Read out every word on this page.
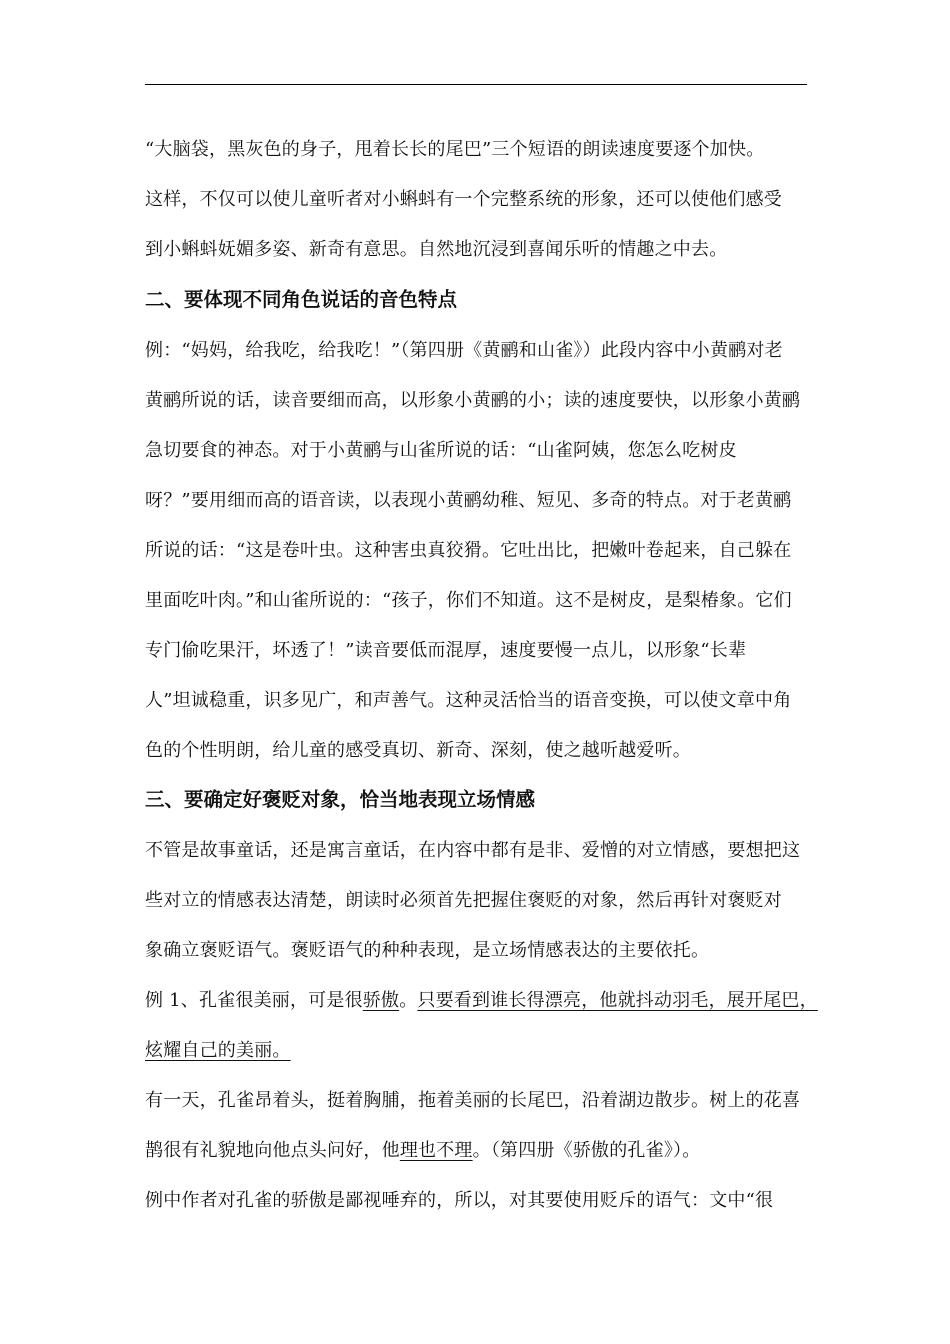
“大脑袋，黑灰色的身子，甩着长长的尾巴”三个短语的朗读速度要逐个加快。
这样，不仅可以使儿童听者对小蝌蚪有一个完整系统的形象，还可以使他们感受
到小蝌蚪妩媚多姿、新奇有意思。自然地沉浸到喜闻乐听的情趣之中去。
二、要体现不同角色说话的音色特点
例：“妈妈，给我吃，给我吃！”（第四册《黄鹂和山雀》）此段内容中小黄鹂对老
黄鹂所说的话，读音要细而高，以形象小黄鹂的小；读的速度要快，以形象小黄鹂
急切要食的神态。对于小黄鹂与山雀所说的话：“山雀阿姨，您怎么吃树皮
呀？”要用细而高的语音读，以表现小黄鹂幼稚、短见、多奇的特点。对于老黄鹂
所说的话：“这是卷叶虫。这种害虫真狡猾。它吐出比，把嫩叶卷起来，自己躲在
里面吃叶肉。”和山雀所说的：“孩子，你们不知道。这不是树皮，是梨椿象。它们
专门偷吃果汗，坏透了！”读音要低而混厚，速度要慢一点儿，以形象“长辈
人”坦诚稳重，识多见广，和声善气。这种灵活恰当的语音变换，可以使文章中角
色的个性明朗，给儿童的感受真切、新奇、深刻，使之越听越爱听。
三、要确定好褒贬对象，恰当地表现立场情感
不管是故事童话，还是寓言童话，在内容中都有是非、爱憎的对立情感，要想把这
些对立的情感表达清楚，朗读时必须首先把握住褒贬的对象，然后再针对褒贬对
象确立褒贬语气。褒贬语气的种种表现，是立场情感表达的主要依托。
例 1、孔雀很美丽，可是很骄傲。只要看到谁长得漂亮，他就抖动羽毛，展开尾巴，
炫耀自己的美丽。
有一天，孔雀昂着头，挺着胸脯，拖着美丽的长尾巴，沿着湖边散步。树上的花喜
鹊很有礼貌地向他点头问好，他理也不理。（第四册《骄傲的孔雀》）。
例中作者对孔雀的骄傲是鄙视唾弃的，所以，对其要使用贬斥的语气：文中“很
